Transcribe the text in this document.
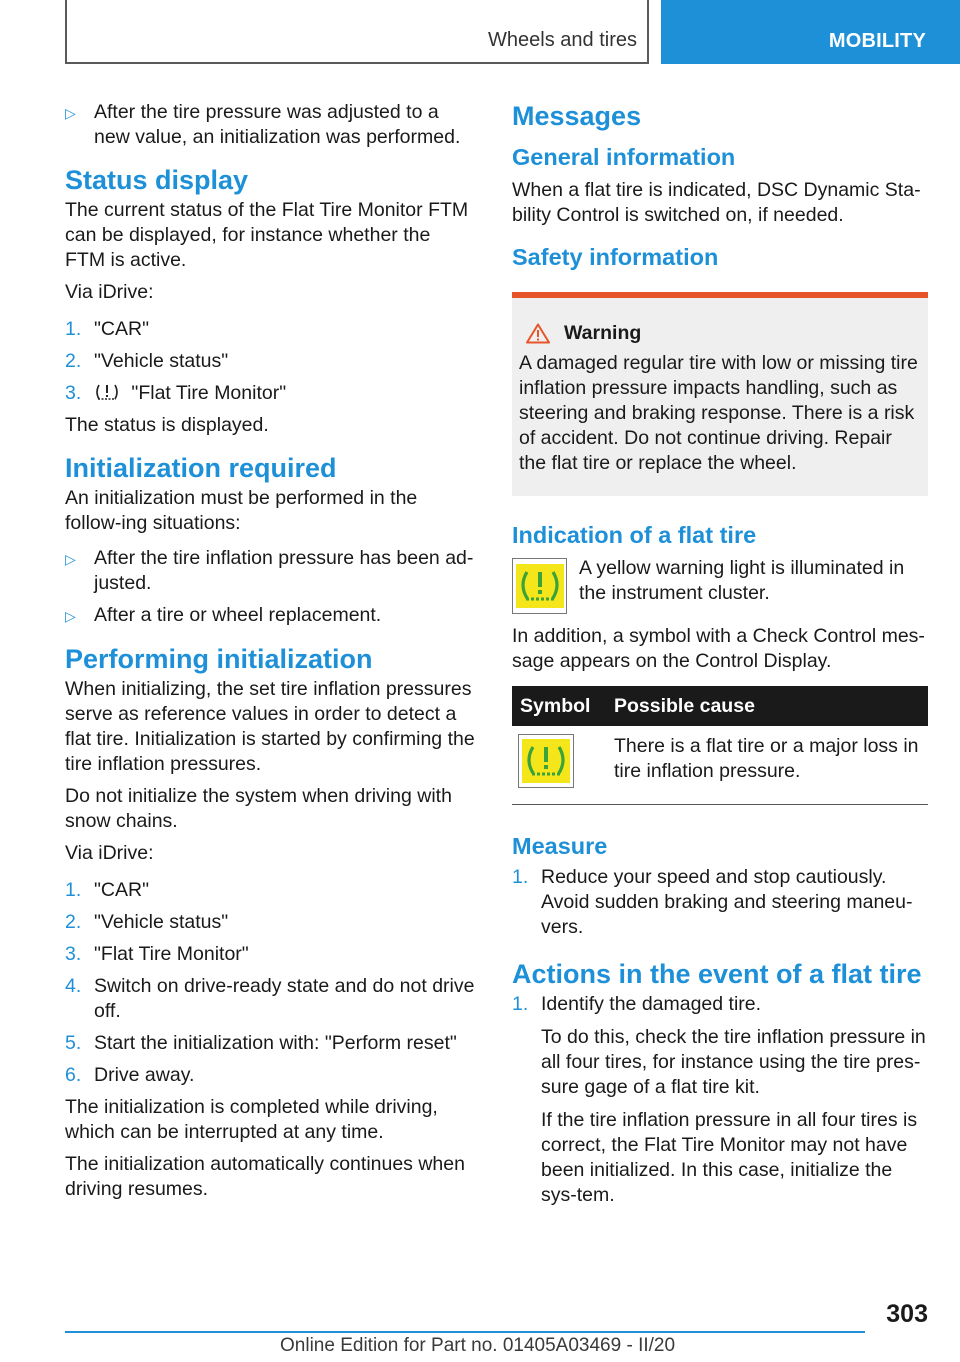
Wheels and tires	MOBILITY
▷ After the tire pressure was adjusted to a new value, an initialization was performed.
Status display

The current status of the Flat Tire Monitor FTM can be displayed, for instance whether the FTM is active.

Via iDrive:

1. "CAR"
2. "Vehicle status"
3.	"Flat Tire Monitor"

The status is displayed.

Initialization required

An initialization must be performed in the follow-ing situations:

▷ After the tire inflation pressure has been ad-justed.
▷ After a tire or wheel replacement.
Performing initialization

When initializing, the set tire inflation pressures serve as reference values in order to detect a flat tire. Initialization is started by confirming the tire inflation pressures.

Do not initialize the system when driving with snow chains.

Via iDrive:

1. "CAR"
2. "Vehicle status"
3. "Flat Tire Monitor"
4. Switch on drive-ready state and do not drive off.
5. Start the initialization with: "Perform reset"
6. Drive away.

The initialization is completed while driving, which can be interrupted at any time.

The initialization automatically continues when driving resumes.

Messages
General information

When a flat tire is indicated, DSC Dynamic Sta-bility Control is switched on, if needed.

Safety information
Warning

A damaged regular tire with low or missing tire inflation pressure impacts handling, such as steering and braking response. There is a risk of accident. Do not continue driving. Repair the flat tire or replace the wheel.

Indication of a flat tire

A yellow warning light is illuminated in the instrument cluster.

In addition, a symbol with a Check Control mes-sage appears on the Control Display.

Symbol	Possible cause

	There is a flat tire or a major loss in tire inflation pressure.
Measure
1. Reduce your speed and stop cautiously. Avoid sudden braking and steering maneu-vers.
Actions in the event of a flat tire
1. Identify the damaged tire.

To do this, check the tire inflation pressure in all four tires, for instance using the tire pres-sure gage of a flat tire kit.

If the tire inflation pressure in all four tires is correct, the Flat Tire Monitor may not have been initialized. In this case, initialize the sys-tem.

303
Online Edition for Part no. 01405A03469 - II/20
